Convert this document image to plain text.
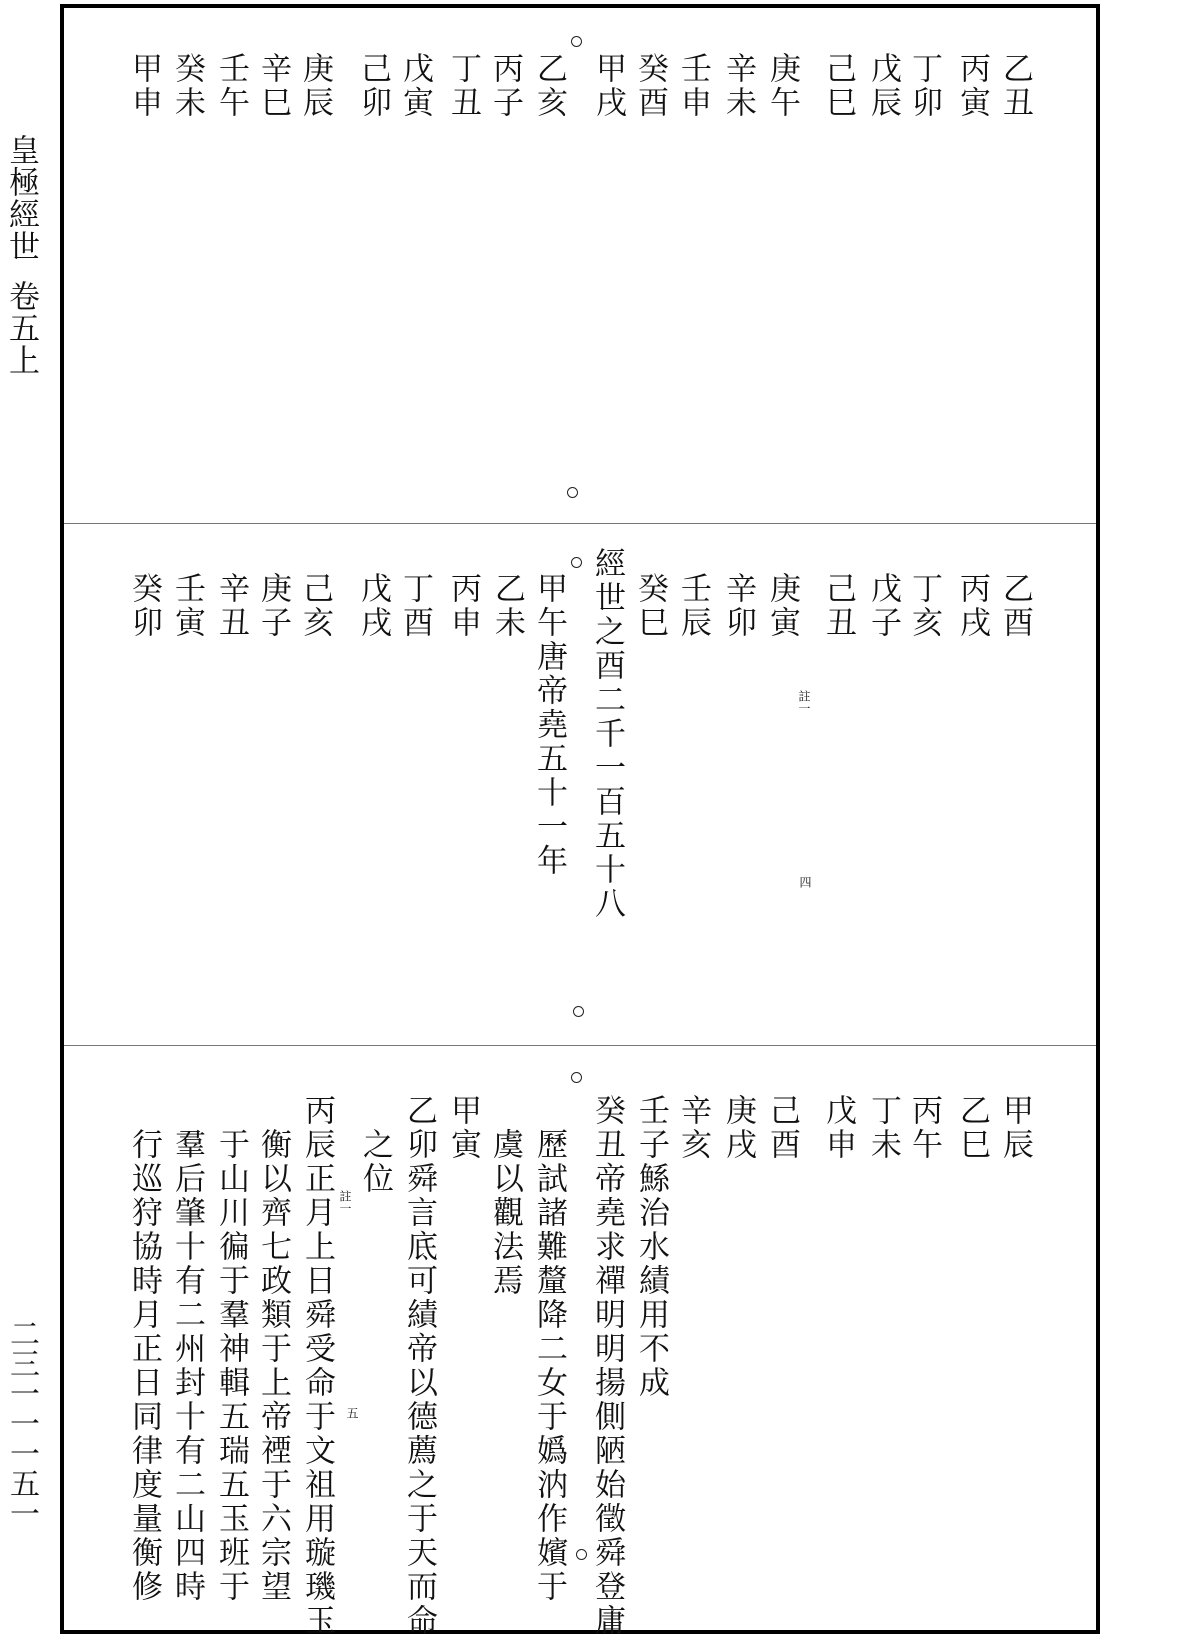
皇極經世卷五上
二三一一一五一
乙丑
丙寅
丁卯
戊辰
己巳
庚午
辛未
壬申
癸酉
甲戌
乙亥
丙子
丁丑
戊寅
己卯
庚辰
辛巳
壬午
癸未
甲申
乙酉
丙戌
丁亥
戊子
己丑
庚寅
辛卯
壬辰
癸巳
經世之酉二千一百五十八
甲午唐帝堯五十一年
乙未
丙申
丁酉
戊戌
己亥
庚子
辛丑
壬寅
癸卯
註一
四
甲辰
乙巳
丙午
丁未
戊申
己酉
庚戌
辛亥
壬子鯀治水績用不成
癸丑帝堯求禪明明揚側陋始徵舜登庸
　歷試諸難釐降二女于嬀汭作嬪于
　虞以觀法焉
甲寅
乙卯舜言底可績帝以德薦之于天而命
　之位
丙辰正月上日舜受命于文祖用璇璣玉
　衡以齊七政類于上帝禋于六宗望
　于山川徧于羣神輯五瑞五玉班于
　羣后肇十有二州封十有二山四時
　行巡狩協時月正日同律度量衡修	註一
五
